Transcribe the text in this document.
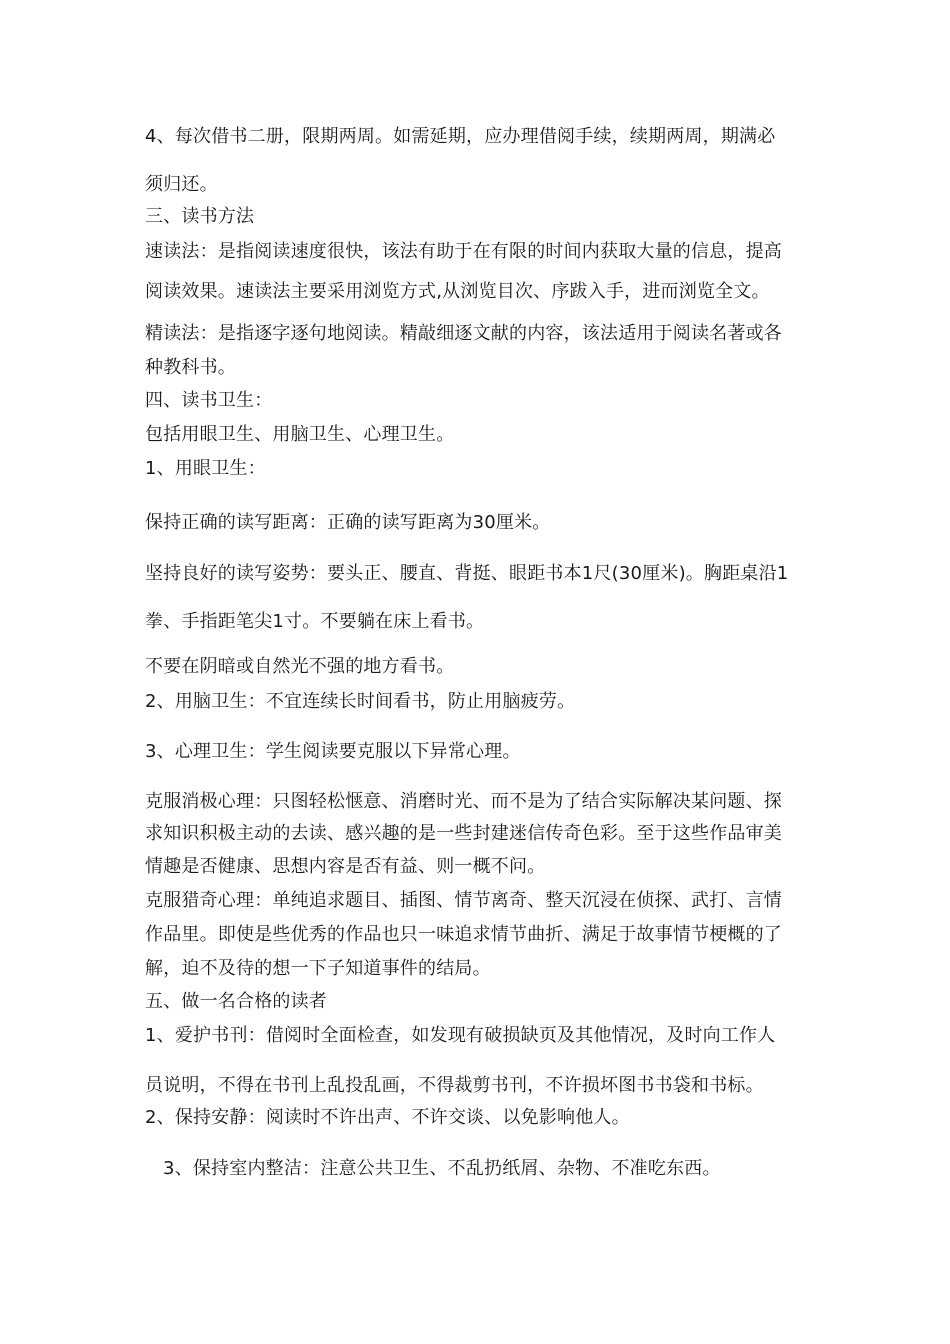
4、每次借书二册，限期两周。如需延期，应办理借阅手续，续期两周，期满必
须归还。
三、读书方法
速读法：是指阅读速度很快，该法有助于在有限的时间内获取大量的信息，提高
阅读效果。速读法主要采用浏览方式,从浏览目次、序跋入手，进而浏览全文。
精读法：是指逐字逐句地阅读。精敲细逐文献的内容，该法适用于阅读名著或各
种教科书。
四、读书卫生：
包括用眼卫生、用脑卫生、心理卫生。
1、用眼卫生：
保持正确的读写距离：正确的读写距离为30厘米。
坚持良好的读写姿势：要头正、腰直、背挺、眼距书本1尺(30厘米)。胸距桌沿1
拳、手指距笔尖1寸。不要躺在床上看书。
不要在阴暗或自然光不强的地方看书。
2、用脑卫生：不宜连续长时间看书，防止用脑疲劳。
3、心理卫生：学生阅读要克服以下异常心理。
克服消极心理：只图轻松惬意、消磨时光、而不是为了结合实际解决某问题、探
求知识积极主动的去读、感兴趣的是一些封建迷信传奇色彩。至于这些作品审美
情趣是否健康、思想内容是否有益、则一概不问。
克服猎奇心理：单纯追求题目、插图、情节离奇、整天沉浸在侦探、武打、言情
作品里。即使是些优秀的作品也只一味追求情节曲折、满足于故事情节梗概的了
解，迫不及待的想一下子知道事件的结局。
五、做一名合格的读者
1、爱护书刊：借阅时全面检查，如发现有破损缺页及其他情况，及时向工作人
员说明，不得在书刊上乱投乱画，不得裁剪书刊，不许损坏图书书袋和书标。
2、保持安静：阅读时不许出声、不许交谈、以免影响他人。
3、保持室内整洁：注意公共卫生、不乱扔纸屑、杂物、不准吃东西。
